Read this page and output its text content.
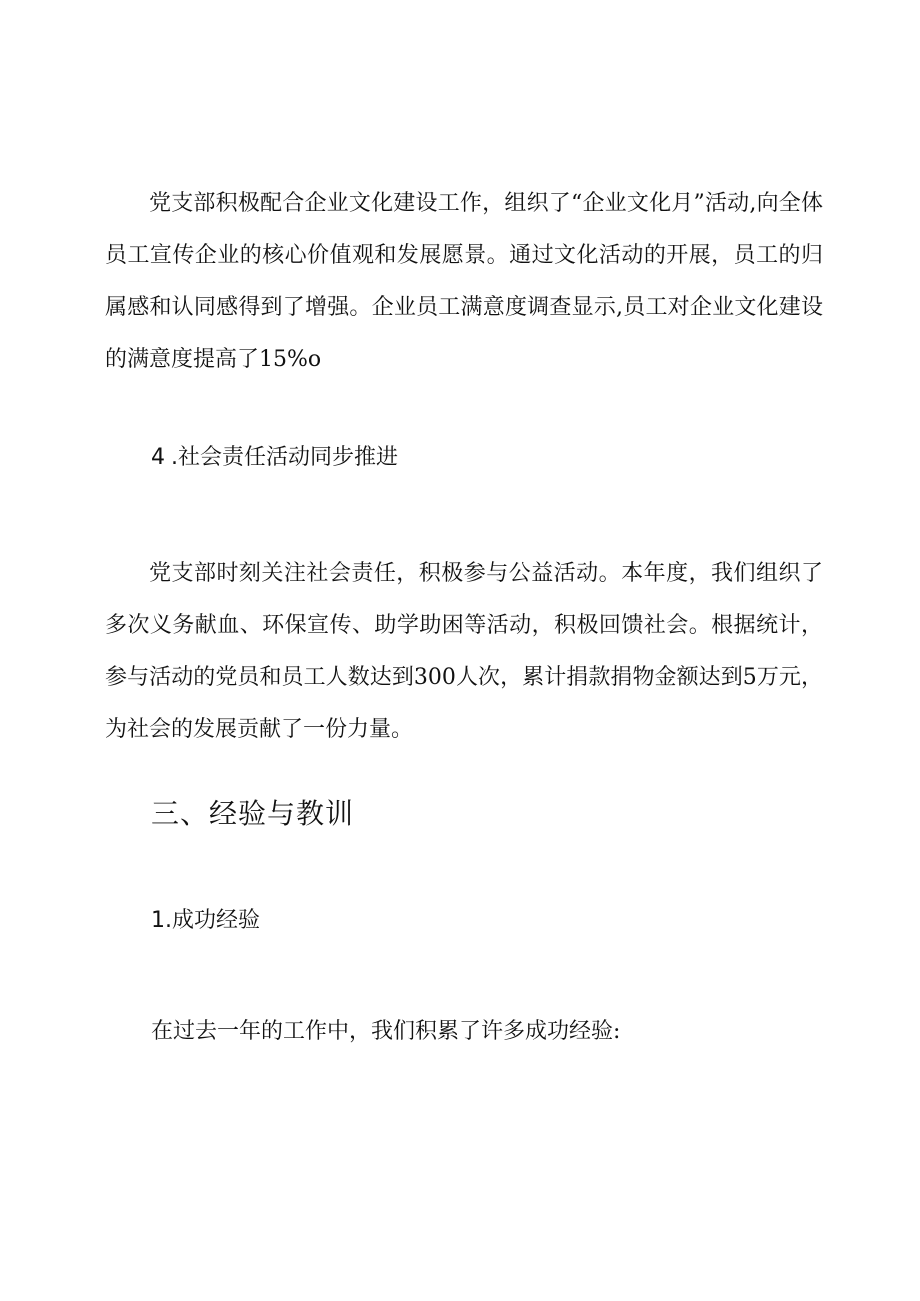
党支部积极配合企业文化建设工作，组织了“企业文化月”活动,向全体员工宣传企业的核心价值观和发展愿景。通过文化活动的开展，员工的归属感和认同感得到了增强。企业员工满意度调查显示,员工对企业文化建设的满意度提高了15%o

4 .社会责任活动同步推进

党支部时刻关注社会责任，积极参与公益活动。本年度，我们组织了多次义务献血、环保宣传、助学助困等活动，积极回馈社会。根据统计，参与活动的党员和员工人数达到300人次，累计捐款捐物金额达到5万元，为社会的发展贡献了一份力量。

三、经验与教训
1.成功经验

在过去一年的工作中，我们积累了许多成功经验:
